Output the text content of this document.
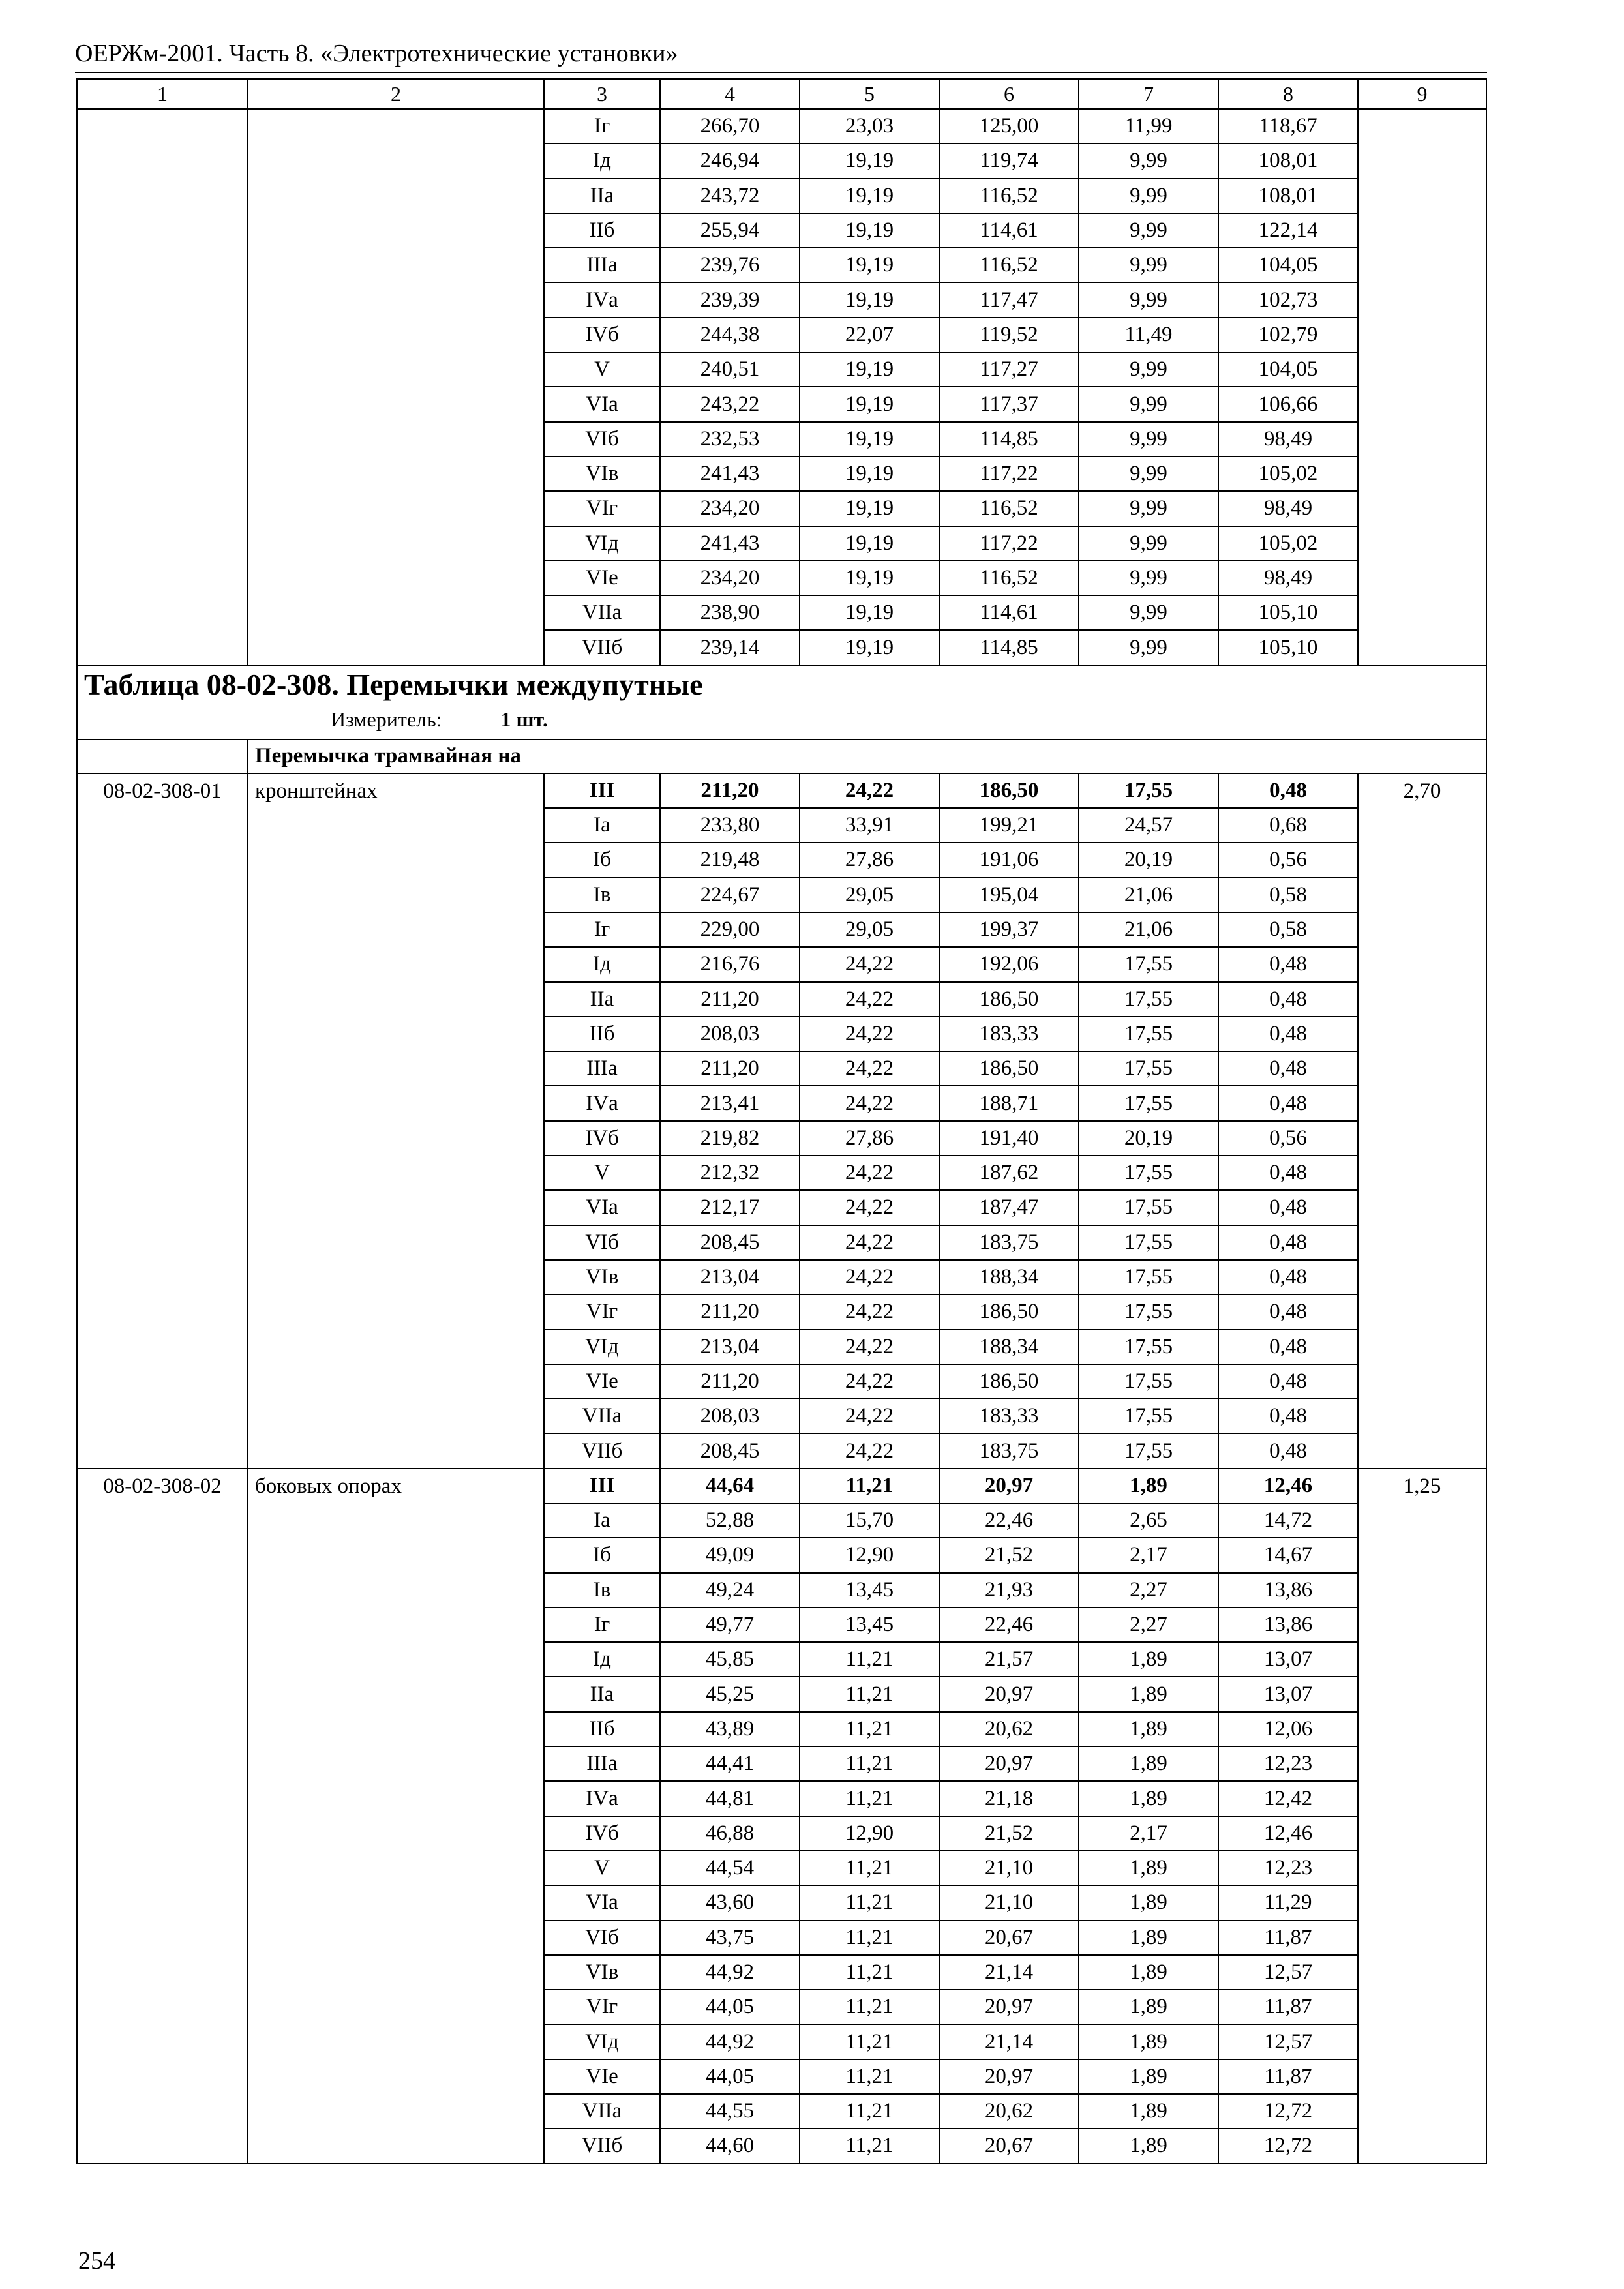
ОЕРЖм-2001. Часть 8. «Электротехнические установки»
1	2	3	4	5	6	7	8	9
		Iг	266,70	23,03	125,00	11,99	118,67	
		Iд	246,94	19,19	119,74	9,99	108,01	
		IIа	243,72	19,19	116,52	9,99	108,01	
		IIб	255,94	19,19	114,61	9,99	122,14	
		IIIа	239,76	19,19	116,52	9,99	104,05	
		IVа	239,39	19,19	117,47	9,99	102,73	
		IVб	244,38	22,07	119,52	11,49	102,79	
		V	240,51	19,19	117,27	9,99	104,05	
		VIа	243,22	19,19	117,37	9,99	106,66	
		VIб	232,53	19,19	114,85	9,99	98,49	
		VIв	241,43	19,19	117,22	9,99	105,02	
		VIг	234,20	19,19	116,52	9,99	98,49	
		VIд	241,43	19,19	117,22	9,99	105,02	
		VIе	234,20	19,19	116,52	9,99	98,49	
		VIIа	238,90	19,19	114,61	9,99	105,10	
		VIIб	239,14	19,19	114,85	9,99	105,10	

Таблица 08-02-308. Перемычки междупутные
Измеритель: 1 шт.								

	Перемычка трамвайная на							
08-02-308-01	кронштейнах	III	211,20	24,22	186,50	17,55	0,48	2,70
		Iа	233,80	33,91	199,21	24,57	0,68	
		Iб	219,48	27,86	191,06	20,19	0,56	
		Iв	224,67	29,05	195,04	21,06	0,58	
		Iг	229,00	29,05	199,37	21,06	0,58	
		Iд	216,76	24,22	192,06	17,55	0,48	
		IIа	211,20	24,22	186,50	17,55	0,48	
		IIб	208,03	24,22	183,33	17,55	0,48	
		IIIа	211,20	24,22	186,50	17,55	0,48	
		IVа	213,41	24,22	188,71	17,55	0,48	
		IVб	219,82	27,86	191,40	20,19	0,56	
		V	212,32	24,22	187,62	17,55	0,48	
		VIа	212,17	24,22	187,47	17,55	0,48	
		VIб	208,45	24,22	183,75	17,55	0,48	
		VIв	213,04	24,22	188,34	17,55	0,48	
		VIг	211,20	24,22	186,50	17,55	0,48	
		VIд	213,04	24,22	188,34	17,55	0,48	
		VIе	211,20	24,22	186,50	17,55	0,48	
		VIIа	208,03	24,22	183,33	17,55	0,48	
		VIIб	208,45	24,22	183,75	17,55	0,48	
08-02-308-02	боковых опорах	III	44,64	11,21	20,97	1,89	12,46	1,25
		Iа	52,88	15,70	22,46	2,65	14,72	
		Iб	49,09	12,90	21,52	2,17	14,67	
		Iв	49,24	13,45	21,93	2,27	13,86	
		Iг	49,77	13,45	22,46	2,27	13,86	
		Iд	45,85	11,21	21,57	1,89	13,07	
		IIа	45,25	11,21	20,97	1,89	13,07	
		IIб	43,89	11,21	20,62	1,89	12,06	
		IIIа	44,41	11,21	20,97	1,89	12,23	
		IVа	44,81	11,21	21,18	1,89	12,42	
		IVб	46,88	12,90	21,52	2,17	12,46	
		V	44,54	11,21	21,10	1,89	12,23	
		VIа	43,60	11,21	21,10	1,89	11,29	
		VIб	43,75	11,21	20,67	1,89	11,87	
		VIв	44,92	11,21	21,14	1,89	12,57	
		VIг	44,05	11,21	20,97	1,89	11,87	
		VIд	44,92	11,21	21,14	1,89	12,57	
		VIе	44,05	11,21	20,97	1,89	11,87	
		VIIа	44,55	11,21	20,62	1,89	12,72	
		VIIб	44,60	11,21	20,67	1,89	12,72	
254
